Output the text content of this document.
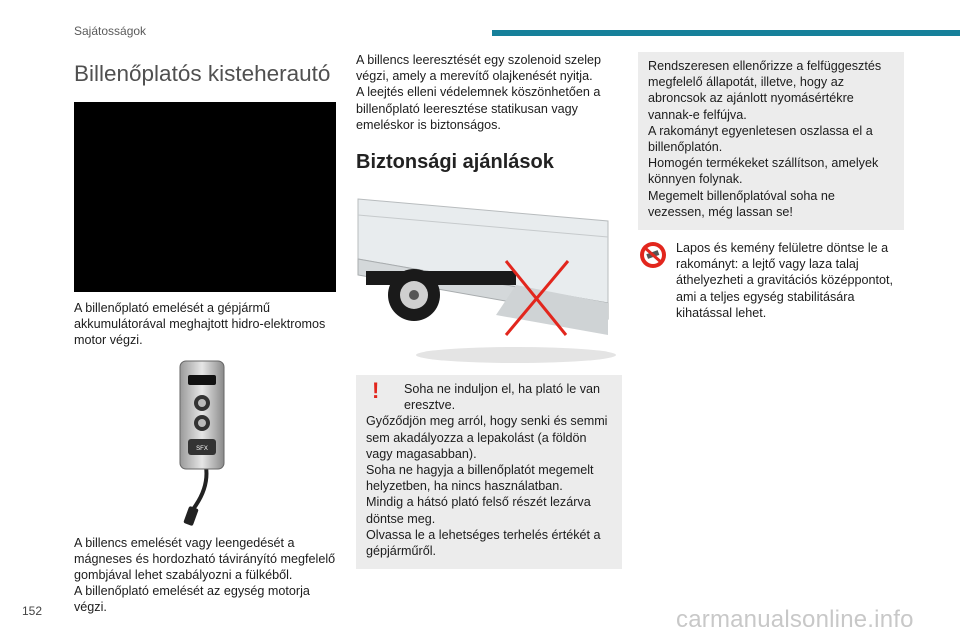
Sajátosságok
Billenőplatós kisteherautó

A billenőplató emelését a gépjármű akkumulátorával meghajtott hidro-elektromos motor végzi.

SFX

A billencs emelését vagy leengedését a mágneses és hordozható távirányító megfelelő gombjával lehet szabályozni a fülkéből.

A billenőplató emelését az egység motorja végzi.

A billencs leeresztését egy szolenoid szelep végzi, amely a merevítő olajkenését nyitja.

A leejtés elleni védelemnek köszönhetően a billenőplató leeresztése statikusan vagy emeléskor is biztonságos.

Biztonsági ajánlások
!	Soha ne induljon el, ha plató le van eresztve.

Győződjön meg arról, hogy senki és semmi sem akadályozza a lepakolást (a földön vagy magasabban).

Soha ne hagyja a billenőplatót megemelt helyzetben, ha nincs használatban.

Mindig a hátsó plató felső részét lezárva döntse meg.

Olvassa le a lehetséges terhelés értékét a gépjárműről.

Rendszeresen ellenőrizze a felfüggesztés megfelelő állapotát, illetve, hogy az abroncsok az ajánlott nyomásértékre vannak-e felfújva.

A rakományt egyenletesen oszlassa el a billenőplatón.

Homogén termékeket szállítson, amelyek könnyen folynak.

Megemelt billenőplatóval soha ne vezessen, még lassan se!

Lapos és kemény felületre döntse le a rakományt: a lejtő vagy laza talaj áthelyezheti a gravitációs középpontot, ami a teljes egység stabilitására kihatással lehet.

152	carmanualsonline.info
